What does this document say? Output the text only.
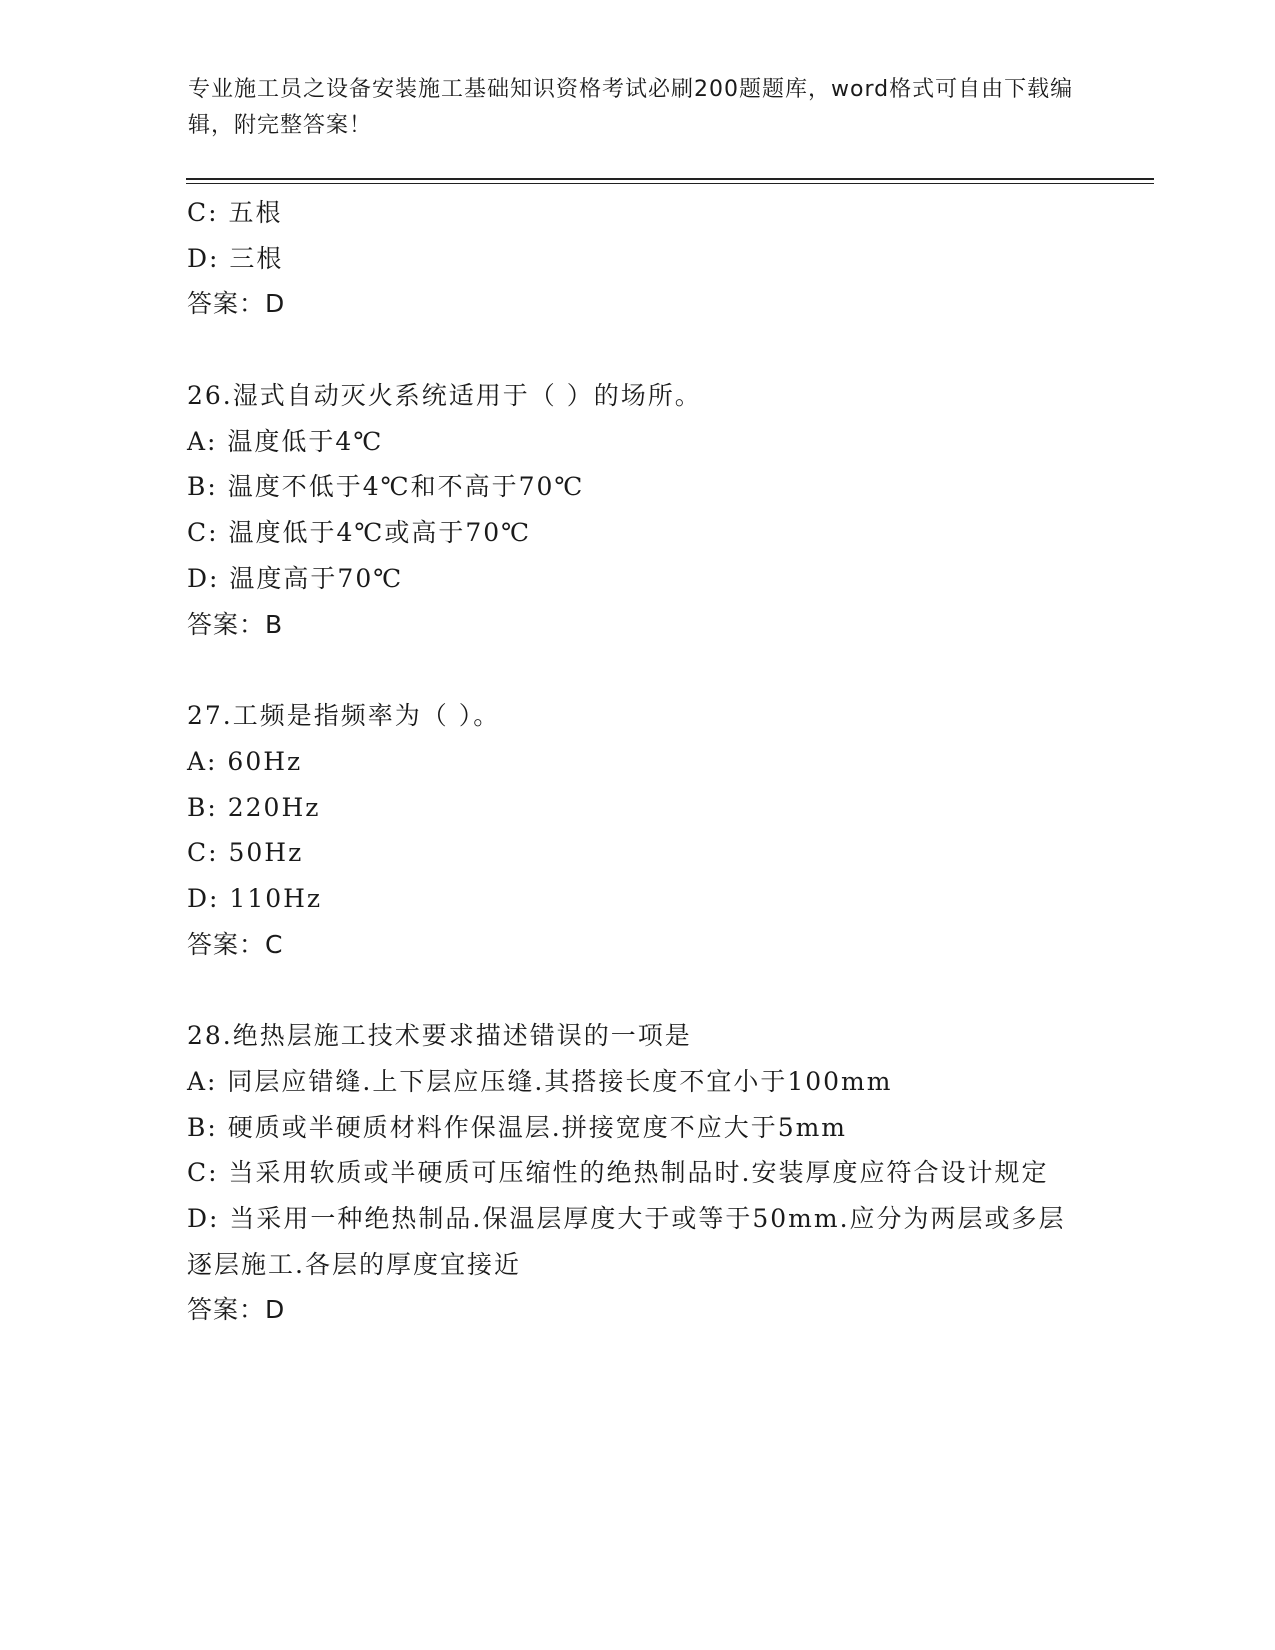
专业施工员之设备安装施工基础知识资格考试必刷200题题库，word格式可自由下载编辑，附完整答案！
C: 五根
D: 三根
答案：D
26.湿式自动灭火系统适用于（ ）的场所。
A: 温度低于4℃
B: 温度不低于4℃和不高于70℃
C: 温度低于4℃或高于70℃
D: 温度高于70℃
答案：B
27.工频是指频率为（ ）。
A: 60Hz
B: 220Hz
C: 50Hz
D: 110Hz
答案：C
28.绝热层施工技术要求描述错误的一项是
A: 同层应错缝.上下层应压缝.其搭接长度不宜小于100mm
B: 硬质或半硬质材料作保温层.拼接宽度不应大于5mm
C: 当采用软质或半硬质可压缩性的绝热制品时.安装厚度应符合设计规定
D: 当采用一种绝热制品.保温层厚度大于或等于50mm.应分为两层或多层逐层施工.各层的厚度宜接近
答案：D
